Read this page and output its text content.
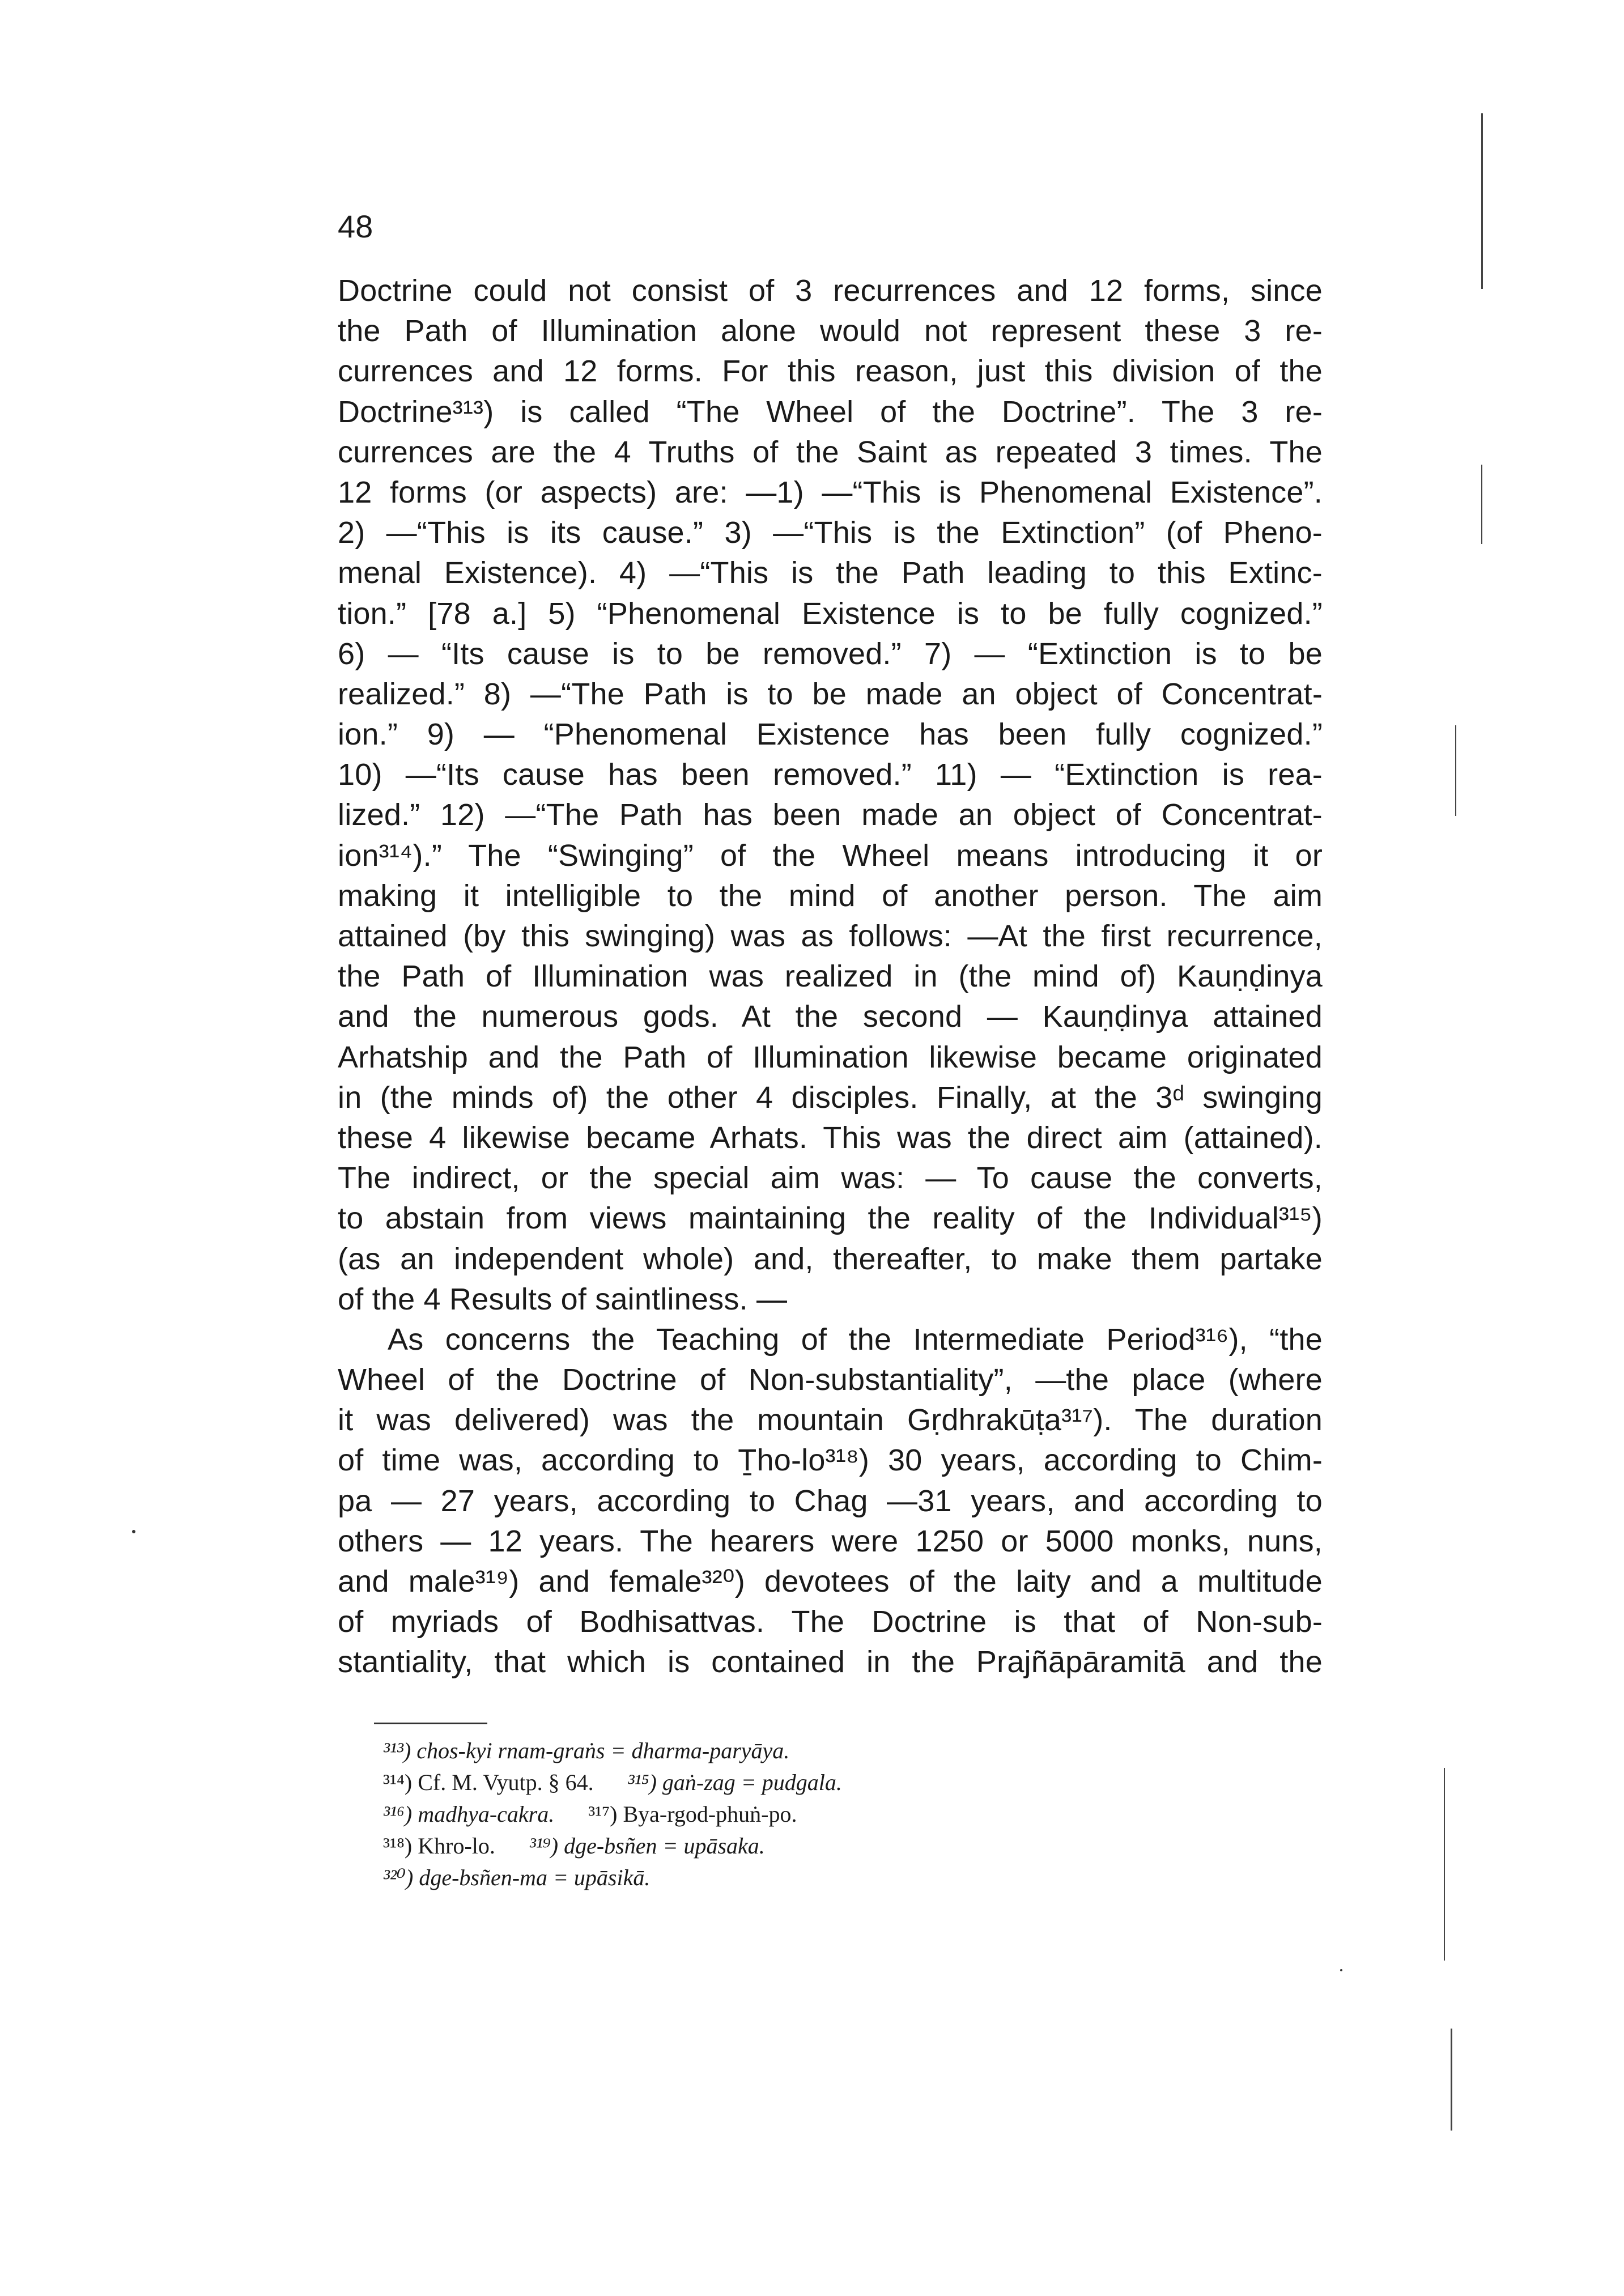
48
Doctrine could not consist of 3 recurrences and 12 forms, since
the Path of Illumination alone would not represent these 3 re-
currences and 12 forms. For this reason, just this division of the
Doctrine³¹³) is called “The Wheel of the Doctrine”. The 3 re-
currences are the 4 Truths of the Saint as repeated 3 times. The
12 forms (or aspects) are: —1) —“This is Phenomenal Existence”.
2) —“This is its cause.” 3) —“This is the Extinction” (of Pheno-
menal Existence). 4) —“This is the Path leading to this Extinc-
tion.” [78 a.] 5) “Phenomenal Existence is to be fully cognized.”
6) — “Its cause is to be removed.” 7) — “Extinction is to be
realized.” 8) —“The Path is to be made an object of Concentrat-
ion.” 9) — “Phenomenal Existence has been fully cognized.”
10) —“Its cause has been removed.” 11) — “Extinction is rea-
lized.” 12) —“The Path has been made an object of Concentrat-
ion³¹⁴).” The “Swinging” of the Wheel means introducing it or
making it intelligible to the mind of another person. The aim
attained (by this swinging) was as follows: —At the first recurrence,
the Path of Illumination was realized in (the mind of) Kauṇḍinya
and the numerous gods. At the second — Kauṇḍinya attained
Arhatship and the Path of Illumination likewise became originated
in (the minds of) the other 4 disciples. Finally, at the 3ᵈ swinging
these 4 likewise became Arhats. This was the direct aim (attained).
The indirect, or the special aim was: — To cause the converts,
to abstain from views maintaining the reality of the Individual³¹⁵)
(as an independent whole) and, thereafter, to make them partake
of the 4 Results of saintliness. —
As concerns the Teaching of the Intermediate Period³¹⁶), “the
Wheel of the Doctrine of Non-substantiality”, —the place (where
it was delivered) was the mountain Gṛdhrakūṭa³¹⁷). The duration
of time was, according to Ṯho-lo³¹⁸) 30 years, according to Chim-
pa — 27 years, according to Chag —31 years, and according to
others — 12 years. The hearers were 1250 or 5000 monks, nuns,
and male³¹⁹) and female³²⁰) devotees of the laity and a multitude
of myriads of Bodhisattvas. The Doctrine is that of Non-sub-
stantiality, that which is contained in the Prajñāpāramitā and the
³¹³) chos-kyi rnam-graṅs = dharma-paryāya.
³¹⁴) Cf. M. Vyutp. § 64. ³¹⁵) gaṅ-zag = pudgala.
³¹⁶) madhya-cakra. ³¹⁷) Bya-rgod-phuṅ-po.
³¹⁸) Khro-lo. ³¹⁹) dge-bsñen = upāsaka.
³²⁰) dge-bsñen-ma = upāsikā.
